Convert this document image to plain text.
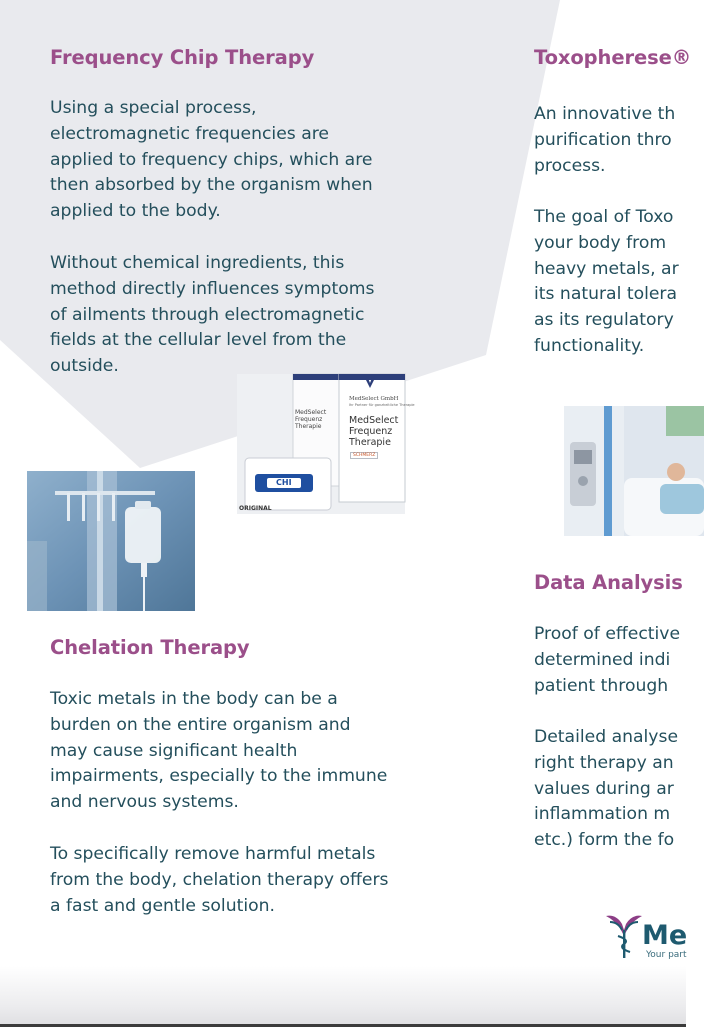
Frequency Chip Therapy

Using a special process,

electromagnetic frequencies are

applied to frequency chips, which are

then absorbed by the organism when

applied to the body.

Without chemical ingredients, this

method directly influences symptoms

of ailments through electromagnetic

fields at the cellular level from the

outside.

MedSelect GmbH
Ihr Partner für ganzheitliche Therapie
MedSelect
Frequenz
Therapie
SCHMERZ
MedSelect
Frequenz
Therapie
CHI
ORIGINAL
Chelation Therapy

Toxic metals in the body can be a

burden on the entire organism and

may cause significant health

impairments, especially to the immune

and nervous systems.

To specifically remove harmful metals

from the body, chelation therapy offers

a fast and gentle solution.

Toxopherese®

An innovative th

purification thro

process.

The goal of Toxo

your body from

heavy metals, ar

its natural tolera

as its regulatory

functionality.

Data Analysis

Proof of effective

determined indi

patient through

Detailed analyse

right therapy an

values during ar

inflammation m

etc.) form the fo

Me
Your part
